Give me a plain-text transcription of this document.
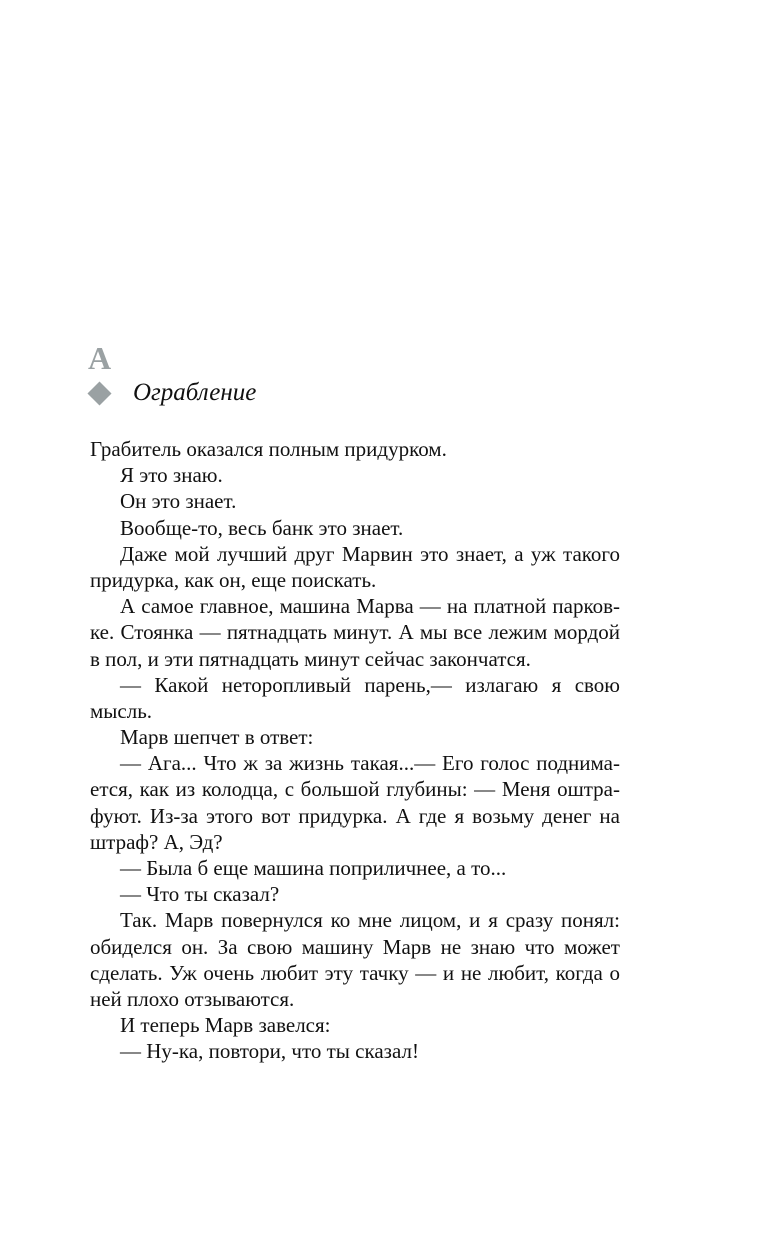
А
Ограбление
Грабитель оказался полным придурком.
Я это знаю.
Он это знает.
Вообще-то, весь банк это знает.
Даже мой лучший друг Марвин это знает, а уж такого
придурка, как он, еще поискать.
А самое главное, машина Марва — на платной парков-
ке. Стоянка — пятнадцать минут. А мы все лежим мордой
в пол, и эти пятнадцать минут сейчас закончатся.
— Какой неторопливый парень,— излагаю я свою
мысль.
Марв шепчет в ответ:
— Ага... Что ж за жизнь такая...— Его голос поднима-
ется, как из колодца, с большой глубины: — Меня оштра-
фуют. Из-за этого вот придурка. А где я возьму денег на
штраф? А, Эд?
— Была б еще машина поприличнее, а то...
— Что ты сказал?
Так. Марв повернулся ко мне лицом, и я сразу понял:
обиделся он. За свою машину Марв не знаю что может
сделать. Уж очень любит эту тачку — и не любит, когда о
ней плохо отзываются.
И теперь Марв завелся:
— Ну-ка, повтори, что ты сказал!
